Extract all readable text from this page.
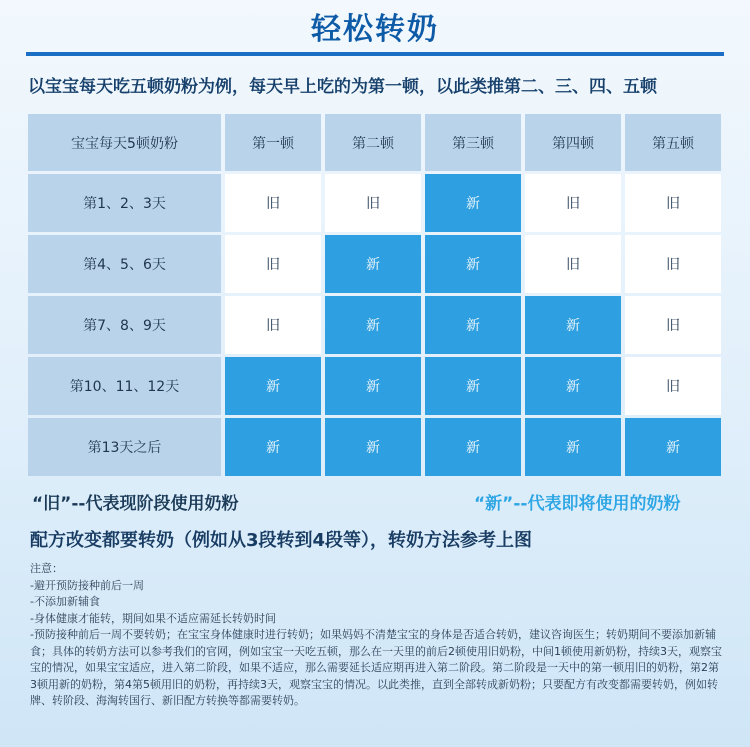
轻松转奶
以宝宝每天吃五顿奶粉为例，每天早上吃的为第一顿，以此类推第二、三、四、五顿
宝宝每天5顿奶粉	第一顿	第二顿	第三顿	第四顿	第五顿
第1、2、3天	旧	旧	新	旧	旧
第4、5、6天	旧	新	新	旧	旧
第7、8、9天	旧	新	新	新	旧
第10、11、12天	新	新	新	新	旧
第13天之后	新	新	新	新	新
“旧”--代表现阶段使用奶粉	“新”--代表即将使用的奶粉
配方改变都要转奶（例如从3段转到4段等），转奶方法参考上图
注意：
-避开预防接种前后一周
-不添加新辅食
-身体健康才能转，期间如果不适应需延长转奶时间
-预防接种前后一周不要转奶；在宝宝身体健康时进行转奶；如果妈妈不清楚宝宝的身体是否适合转奶，建议咨询医生；转奶期间不要添加新辅食；具体的转奶方法可以参考我们的官网，例如宝宝一天吃五顿，那么在一天里的前后2顿使用旧奶粉，中间1顿使用新奶粉，持续3天，观察宝宝的情况，如果宝宝适应，进入第二阶段，如果不适应，那么需要延长适应期再进入第二阶段。第二阶段是一天中的第一顿用旧的奶粉，第2第3顿用新的奶粉，第4第5顿用旧的奶粉，再持续3天，观察宝宝的情况。以此类推，直到全部转成新奶粉；只要配方有改变都需要转奶，例如转牌、转阶段、海淘转国行、新旧配方转换等都需要转奶。
